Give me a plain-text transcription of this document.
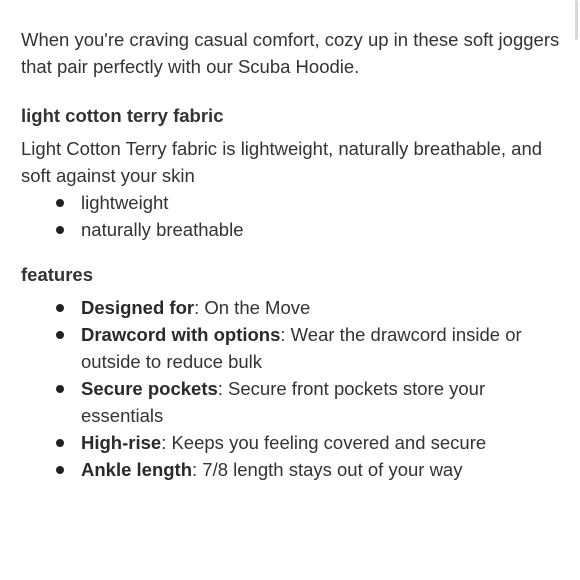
When you're craving casual comfort, cozy up in these soft joggers that pair perfectly with our Scuba Hoodie.

light cotton terry fabric

Light Cotton Terry fabric is lightweight, naturally breathable, and soft against your skin

lightweight
naturally breathable

features

Designed for: On the Move
Drawcord with options: Wear the drawcord inside or outside to reduce bulk
Secure pockets: Secure front pockets store your essentials
High-rise: Keeps you feeling covered and secure
Ankle length: 7/8 length stays out of your way
